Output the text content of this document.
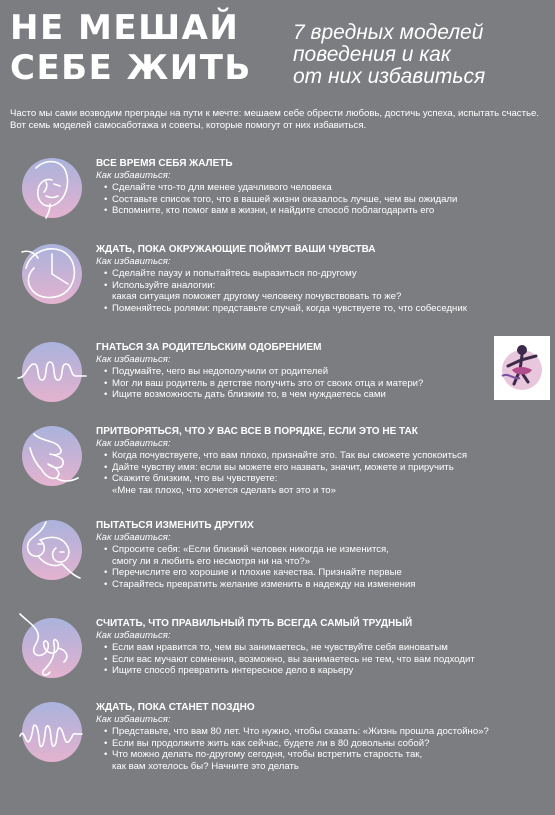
НЕ МЕШАЙ
СЕБЕ ЖИТЬ
7 вредных моделей
поведения и как
от них избавиться
Часто мы сами возводим преграды на пути к мечте: мешаем себе обрести любовь, достичь успеха, испытать счастье. Вот семь моделей самосаботажа и советы, которые помогут от них избавиться.
ВСЕ ВРЕМЯ СЕБЯ ЖАЛЕТЬ
Как избавиться:
• Сделайте что-то для менее удачливого человека
• Составьте список того, что в вашей жизни оказалось лучше, чем вы ожидали
• Вспомните, кто помог вам в жизни, и найдите способ поблагодарить его
ЖДАТЬ, ПОКА ОКРУЖАЮЩИЕ ПОЙМУТ ВАШИ ЧУВСТВА
Как избавиться:
• Сделайте паузу и попытайтесь выразиться по-другому
• Используйте аналогии:
какая ситуация поможет другому человеку почувствовать то же?
• Поменяйтесь ролями: представьте случай, когда чувствуете то, что собеседник
ГНАТЬСЯ ЗА РОДИТЕЛЬСКИМ ОДОБРЕНИЕМ
Как избавиться:
• Подумайте, чего вы недополучили от родителей
• Мог ли ваш родитель в детстве получить это от своих отца и матери?
• Ищите возможность дать близким то, в чем нуждаетесь сами
ПРИТВОРЯТЬСЯ, ЧТО У ВАС ВСЕ В ПОРЯДКЕ, ЕСЛИ ЭТО НЕ ТАК
Как избавиться:
• Когда почувствуете, что вам плохо, признайте это. Так вы сможете успокоиться
• Дайте чувству имя: если вы можете его назвать, значит, можете и приручить
• Скажите близким, что вы чувствуете:
«Мне так плохо, что хочется сделать вот это и то»
ПЫТАТЬСЯ ИЗМЕНИТЬ ДРУГИХ
Как избавиться:
• Спросите себя: «Если близкий человек никогда не изменится,
смогу ли я любить его несмотря ни на что?»
• Перечислите его хорошие и плохие качества. Признайте первые
• Старайтесь превратить желание изменить в надежду на изменения
СЧИТАТЬ, ЧТО ПРАВИЛЬНЫЙ ПУТЬ ВСЕГДА САМЫЙ ТРУДНЫЙ
Как избавиться:
• Если вам нравится то, чем вы занимаетесь, не чувствуйте себя виноватым
• Если вас мучают сомнения, возможно, вы занимаетесь не тем, что вам подходит
• Ищите способ превратить интересное дело в карьеру
ЖДАТЬ, ПОКА СТАНЕТ ПОЗДНО
Как избавиться:
• Представьте, что вам 80 лет. Что нужно, чтобы сказать: «Жизнь прошла достойно»?
• Если вы продолжите жить как сейчас, будете ли в 80 довольны собой?
• Что можно делать по-другому сегодня, чтобы встретить старость так,
как вам хотелось бы? Начните это делать
